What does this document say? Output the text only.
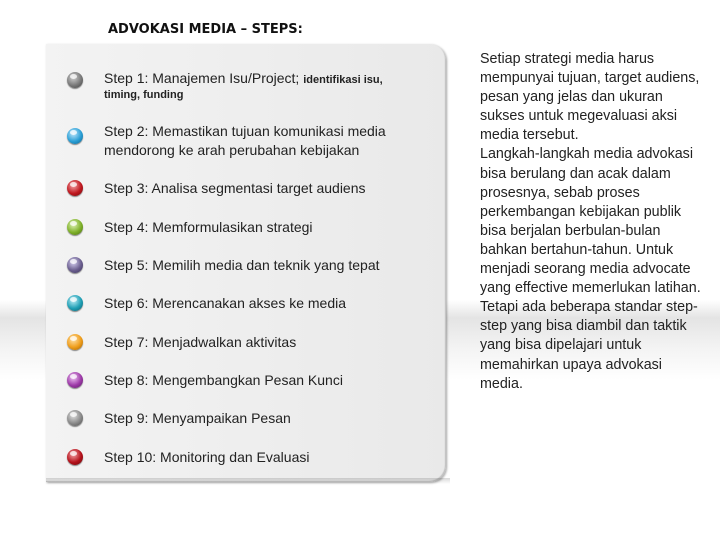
ADVOKASI MEDIA – STEPS:
Step 1: Manajemen Isu/Project; identifikasi isu,
timing, funding
Step 2: Memastikan tujuan komunikasi media
mendorong ke arah perubahan kebijakan
Step 3: Analisa segmentasi target audiens
Step 4: Memformulasikan strategi
Step 5: Memilih media dan teknik yang tepat
Step 6: Merencanakan akses ke media
Step 7: Menjadwalkan aktivitas
Step 8: Mengembangkan Pesan Kunci
Step 9: Menyampaikan Pesan
Step 10: Monitoring dan Evaluasi

Setiap strategi media harus mempunyai tujuan, target audiens, pesan yang jelas dan ukuran sukses untuk megevaluasi aksi media tersebut.

Langkah-langkah media advokasi bisa berulang dan acak dalam prosesnya, sebab proses perkembangan kebijakan publik bisa berjalan berbulan-bulan bahkan bertahun-tahun. Untuk menjadi seorang media advocate yang effective memerlukan latihan. Tetapi ada beberapa standar step-step yang bisa diambil dan taktik yang bisa dipelajari untuk memahirkan upaya advokasi media.
